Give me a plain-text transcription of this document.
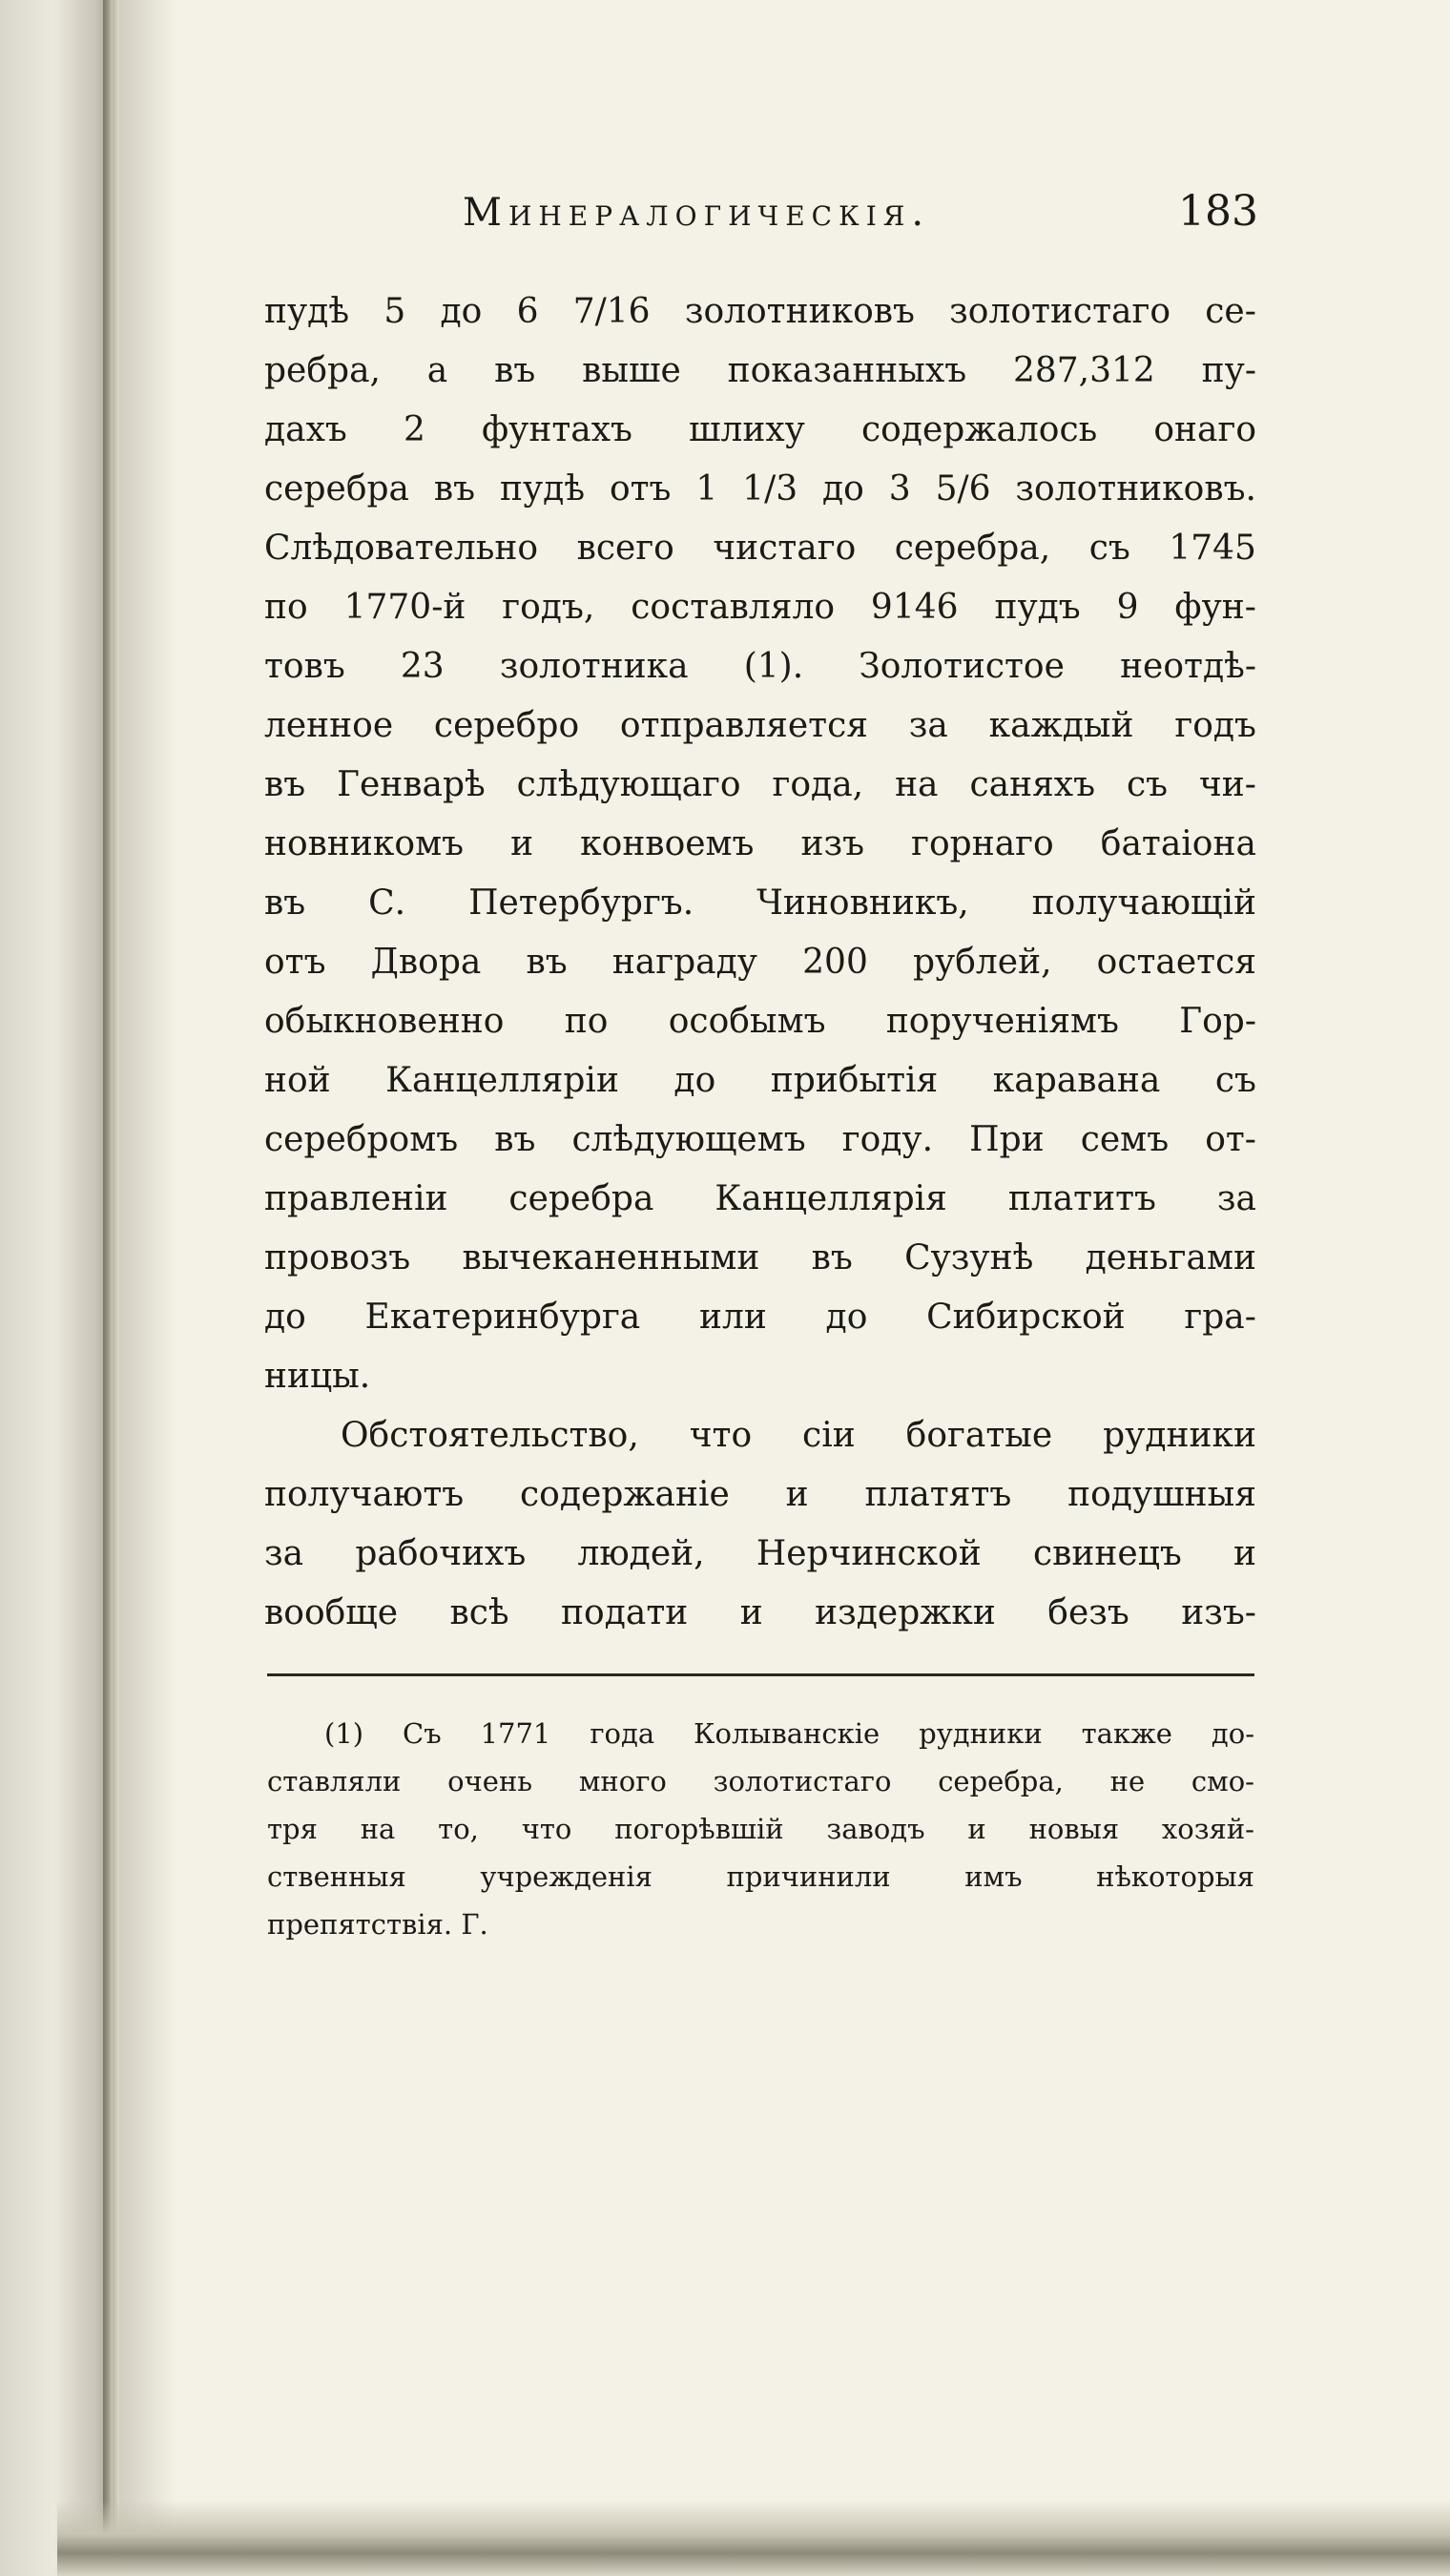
Минералогическія.	183
пудѣ 5 до 6 7/16 золотниковъ золотистаго се-
ребра, а въ выше показанныхъ 287,312 пу-
дахъ 2 фунтахъ шлиху содержалось онаго
серебра въ пудѣ отъ 1 1/3 до 3 5/6 золотниковъ.
Слѣдовательно всего чистаго серебра, съ 1745
по 1770-й годъ, составляло 9146 пудъ 9 фун-
товъ 23 золотника (1). Золотистое неотдѣ-
ленное серебро отправляется за каждый годъ
въ Генварѣ слѣдующаго года, на саняхъ съ чи-
новникомъ и конвоемъ изъ горнаго батаіона
въ С. Петербургъ. Чиновникъ, получающій
отъ Двора въ награду 200 рублей, остается
обыкновенно по особымъ порученіямъ Гор-
ной Канцелляріи до прибытія каравана съ
серебромъ въ слѣдующемъ году. При семъ от-
правленіи серебра Канцеллярія платитъ за
провозъ вычеканенными въ Сузунѣ деньгами
до Екатеринбурга или до Сибирской гра-
ницы.
Обстоятельство, что сіи богатые рудники
получаютъ содержаніе и платятъ подушныя
за рабочихъ людей, Нерчинской свинецъ и
вообще всѣ подати и издержки безъ изъ-
(1) Съ 1771 года Колыванскіе рудники также до-
ставляли очень много золотистаго серебра, не смо-
тря на то, что погорѣвшій заводъ и новыя хозяй-
ственныя	учрежденія	причинили	имъ	нѣкоторыя
препятствія. Г.
